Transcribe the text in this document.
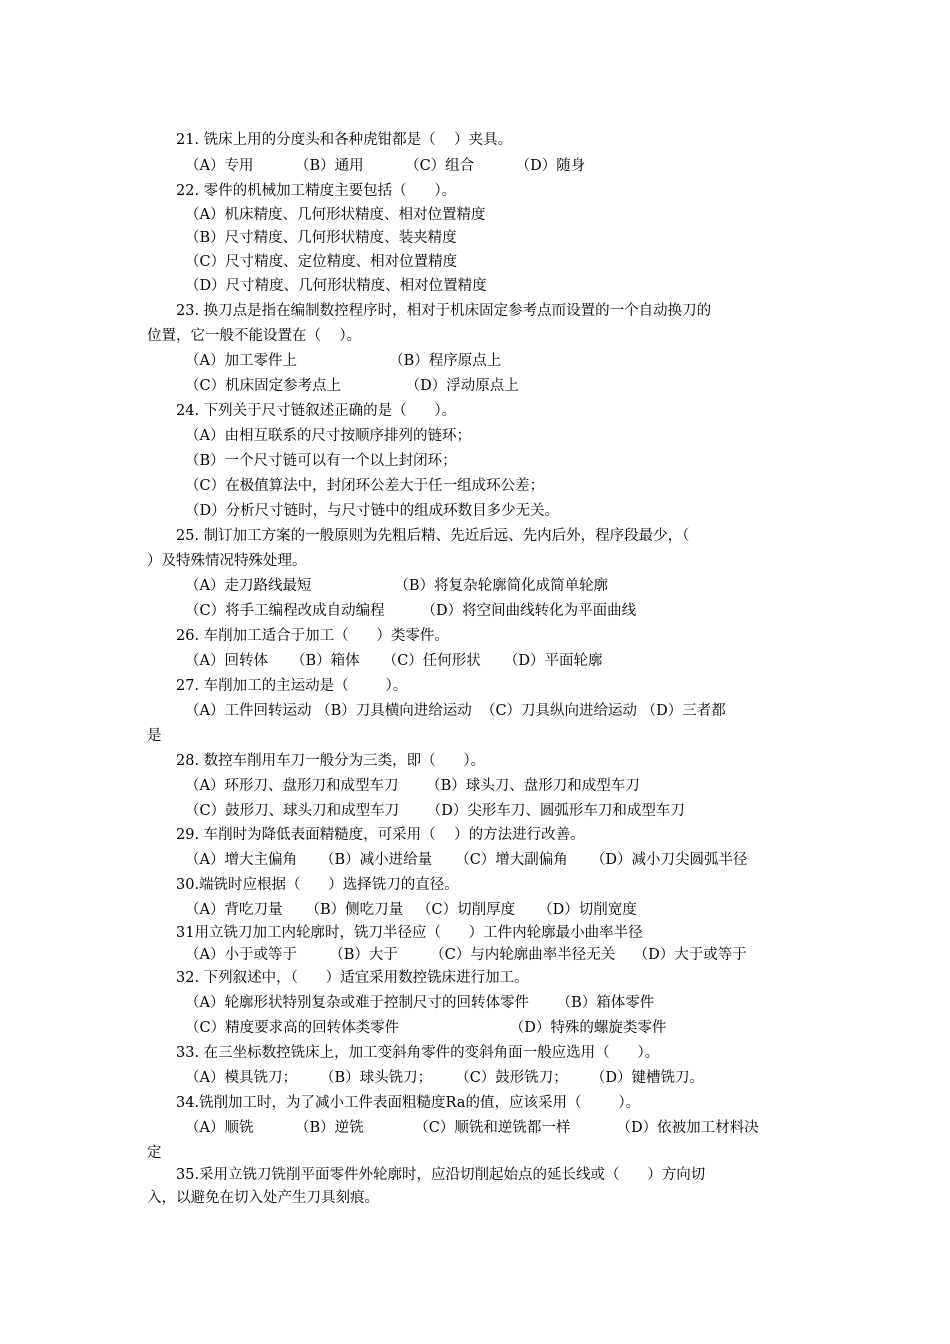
21. 铣床上用的分度头和各种虎钳都是（    ）夹具。
（A）专用         （B）通用         （C）组合         （D）随身
22. 零件的机械加工精度主要包括（      ）。
（A）机床精度、几何形状精度、相对位置精度
（B）尺寸精度、几何形状精度、装夹精度
（C）尺寸精度、定位精度、相对位置精度
（D）尺寸精度、几何形状精度、相对位置精度
23. 换刀点是指在编制数控程序时，相对于机床固定参考点而设置的一个自动换刀的
位置，它一般不能设置在（    ）。
（A）加工零件上                    （B）程序原点上
（C）机床固定参考点上              （D）浮动原点上
24. 下列关于尺寸链叙述正确的是（      ）。
（A）由相互联系的尺寸按顺序排列的链环；
（B）一个尺寸链可以有一个以上封闭环；
（C）在极值算法中，封闭环公差大于任一组成环公差；
（D）分析尺寸链时，与尺寸链中的组成环数目多少无关。
25. 制订加工方案的一般原则为先粗后精、先近后远、先内后外，程序段最少，（
）及特殊情况特殊处理。
（A）走刀路线最短                  （B）将复杂轮廓简化成简单轮廓
（C）将手工编程改成自动编程        （D）将空间曲线转化为平面曲线
26. 车削加工适合于加工（      ）类零件。
（A）回转体     （B）箱体     （C）任何形状     （D）平面轮廓
27. 车削加工的主运动是（        ）。
（A）工件回转运动 （B）刀具横向进给运动  （C）刀具纵向进给运动 （D）三者都
是
28. 数控车削用车刀一般分为三类，即（      ）。
（A）环形刀、盘形刀和成型车刀      （B）球头刀、盘形刀和成型车刀
（C）鼓形刀、球头刀和成型车刀      （D）尖形车刀、圆弧形车刀和成型车刀
29. 车削时为降低表面精糙度，可采用（    ）的方法进行改善。
（A）增大主偏角     （B）减小进给量     （C）增大副偏角     （D）减小刀尖圆弧半径
30.端铣时应根据（      ）选择铣刀的直径。
（A）背吃刀量     （B）侧吃刀量   （C）切削厚度     （D）切削宽度
31用立铣刀加工内轮廓时，铣刀半径应（      ）工件内轮廓最小曲率半径
（A）小于或等于       （B）大于       （C）与内轮廓曲率半径无关    （D）大于或等于
32. 下列叙述中，（      ）适宜采用数控铣床进行加工。
（A）轮廓形状特别复杂或难于控制尺寸的回转体零件      （B）箱体零件
（C）精度要求高的回转体类零件                        （D）特殊的螺旋类零件
33. 在三坐标数控铣床上，加工变斜角零件的变斜角面一般应选用（      ）。
（A）模具铣刀；     （B）球头铣刀；     （C）鼓形铣刀；     （D）键槽铣刀。
34.铣削加工时，为了减小工件表面粗糙度Ra的值，应该采用（        ）。
（A）顺铣         （B）逆铣           （C）顺铣和逆铣都一样          （D）依被加工材料决
定
35.采用立铣刀铣削平面零件外轮廓时，应沿切削起始点的延长线或（      ）方向切
入，以避免在切入处产生刀具刻痕。
